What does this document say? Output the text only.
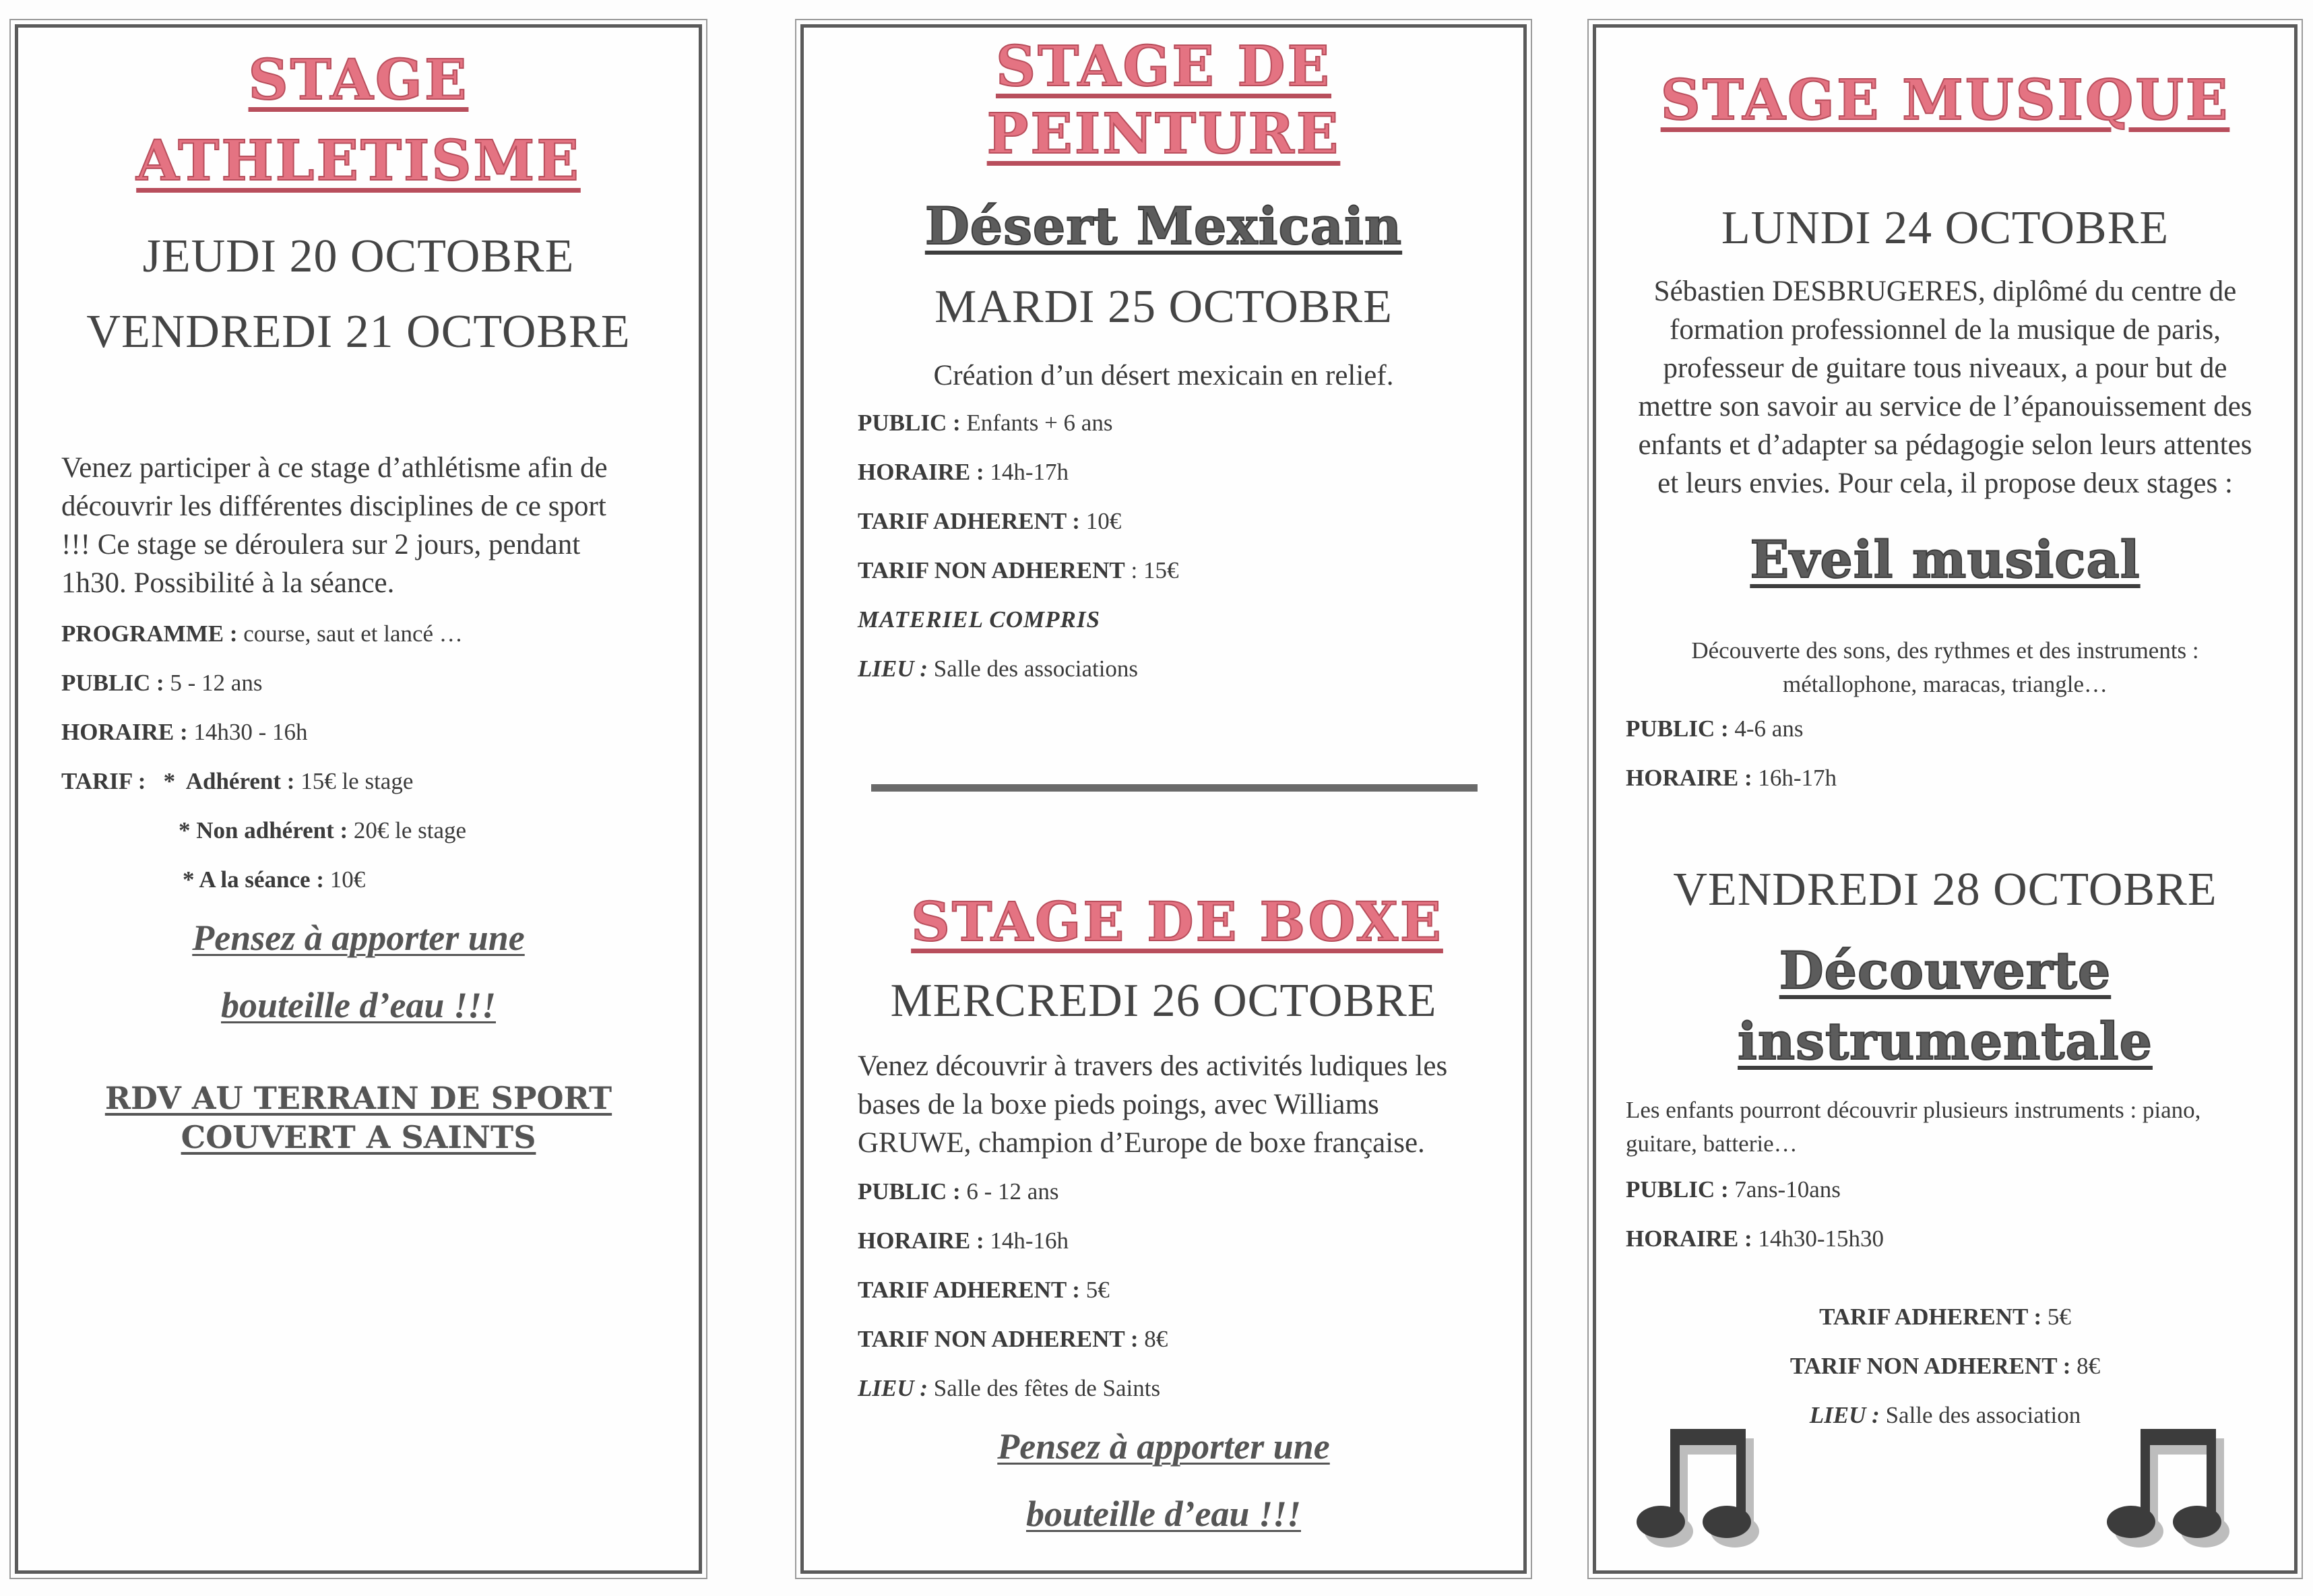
STAGE
ATHLETISME
JEUDI 20 OCTOBRE
VENDREDI 21 OCTOBRE
Venez participer à ce stage d’athlétisme afin de
découvrir les différentes disciplines de ce sport
!!! Ce stage se déroulera sur 2 jours, pendant
1h30. Possibilité à la séance.
PROGRAMME : course, saut et lancé …
PUBLIC : 5 - 12 ans
HORAIRE : 14h30 - 16h
TARIF :   *  Adhérent : 15€ le stage
* Non adhérent : 20€ le stage
* A la séance : 10€
Pensez à apporter une
bouteille d’eau !!!
RDV AU TERRAIN DE SPORT
COUVERT A SAINTS
STAGE DE
PEINTURE
Désert Mexicain
MARDI 25 OCTOBRE
Création d’un désert mexicain en relief.
PUBLIC : Enfants + 6 ans
HORAIRE : 14h-17h
TARIF ADHERENT : 10€
TARIF NON ADHERENT : 15€
MATERIEL COMPRIS
LIEU : Salle des associations
STAGE DE BOXE
MERCREDI 26 OCTOBRE
Venez découvrir à travers des activités ludiques les
bases de la boxe pieds poings, avec Williams
GRUWE, champion d’Europe de boxe française.
PUBLIC : 6 - 12 ans
HORAIRE : 14h-16h
TARIF ADHERENT : 5€
TARIF NON ADHERENT : 8€
LIEU : Salle des fêtes de Saints
Pensez à apporter une
bouteille d’eau !!!
STAGE MUSIQUE
LUNDI 24 OCTOBRE
Sébastien DESBRUGERES, diplômé du centre de
formation professionnel de la musique de paris,
professeur de guitare tous niveaux, a pour but de
mettre son savoir au service de l’épanouissement des
enfants et d’adapter sa pédagogie selon leurs attentes
et leurs envies. Pour cela, il propose deux stages :
Eveil musical
Découverte des sons, des rythmes et des instruments :
métallophone, maracas, triangle…
PUBLIC : 4-6 ans
HORAIRE : 16h-17h
VENDREDI 28 OCTOBRE
Découverte
instrumentale
Les enfants pourront découvrir plusieurs instruments : piano,
guitare, batterie…
PUBLIC : 7ans-10ans
HORAIRE : 14h30-15h30
TARIF ADHERENT : 5€
TARIF NON ADHERENT : 8€
LIEU : Salle des association
